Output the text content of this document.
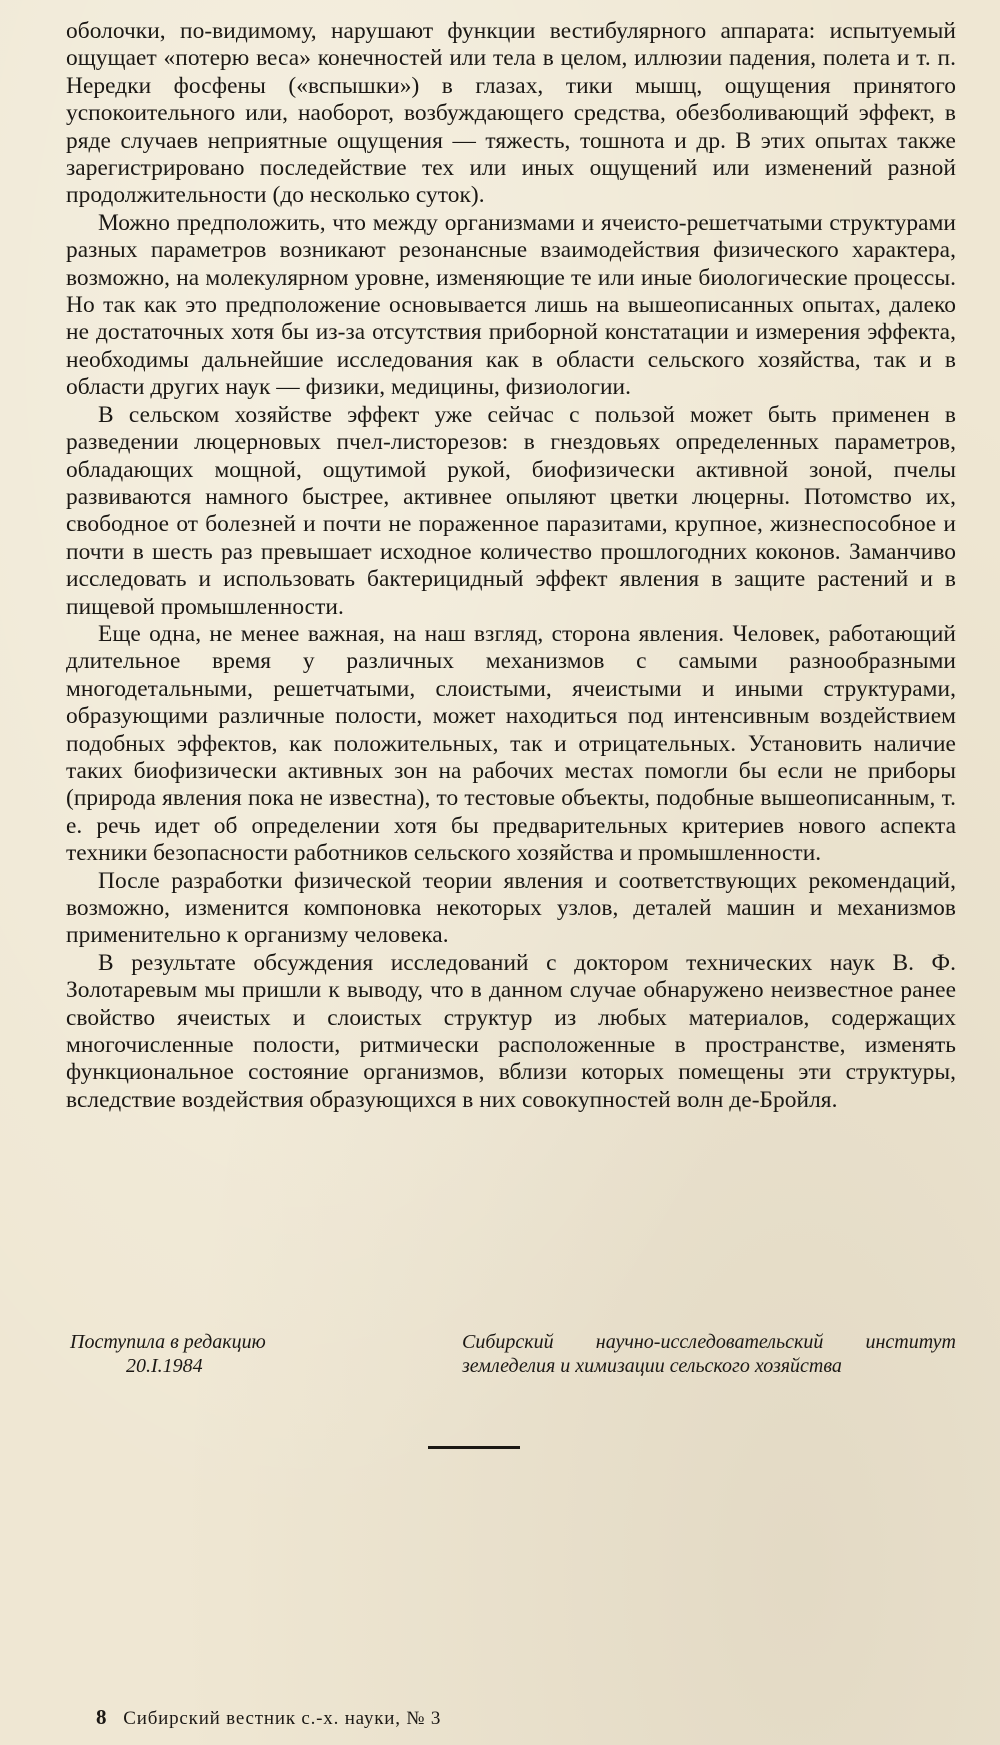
оболочки, по-видимому, нарушают функции вестибулярного аппарата: испытуемый ощущает «потерю веса» конечностей или тела в целом, иллюзии падения, полета и т. п. Нередки фосфены («вспышки») в глазах, тики мышц, ощущения принятого успокоительного или, наоборот, возбуждающего средства, обезболивающий эффект, в ряде случаев неприятные ощущения — тяжесть, тошнота и др. В этих опытах также зарегистрировано последействие тех или иных ощущений или изменений разной продолжительности (до несколько суток).

Можно предположить, что между организмами и ячеисто-решетчатыми структурами разных параметров возникают резонансные взаимодействия физического характера, возможно, на молекулярном уровне, изменяющие те или иные биологические процессы. Но так как это предположение основывается лишь на вышеописанных опытах, далеко не достаточных хотя бы из-за отсутствия приборной констатации и измерения эффекта, необходимы дальнейшие исследования как в области сельского хозяйства, так и в области других наук — физики, медицины, физиологии.

В сельском хозяйстве эффект уже сейчас с пользой может быть применен в разведении люцерновых пчел-листорезов: в гнездовьях определенных параметров, обладающих мощной, ощутимой рукой, биофизически активной зоной, пчелы развиваются намного быстрее, активнее опыляют цветки люцерны. Потомство их, свободное от болезней и почти не пораженное паразитами, крупное, жизнеспособное и почти в шесть раз превышает исходное количество прошлогодних коконов. Заманчиво исследовать и использовать бактерицидный эффект явления в защите растений и в пищевой промышленности.

Еще одна, не менее важная, на наш взгляд, сторона явления. Человек, работающий длительное время у различных механизмов с самыми разнообразными многодетальными, решетчатыми, слоистыми, ячеистыми и иными структурами, образующими различные полости, может находиться под интенсивным воздействием подобных эффектов, как положительных, так и отрицательных. Установить наличие таких биофизически активных зон на рабочих местах помогли бы если не приборы (природа явления пока не известна), то тестовые объекты, подобные вышеописанным, т. е. речь идет об определении хотя бы предварительных критериев нового аспекта техники безопасности работников сельского хозяйства и промышленности.

После разработки физической теории явления и соответствующих рекомендаций, возможно, изменится компоновка некоторых узлов, деталей машин и механизмов применительно к организму человека.

В результате обсуждения исследований с доктором технических наук В. Ф. Золотаревым мы пришли к выводу, что в данном случае обнаружено неизвестное ранее свойство ячеистых и слоистых структур из любых материалов, содержащих многочисленные полости, ритмически расположенные в пространстве, изменять функциональное состояние организмов, вблизи которых помещены эти структуры, вследствие воздействия образующихся в них совокупностей волн де-Бройля.

Поступила в редакцию
20.I.1984
Сибирский научно-исследовательский институт земледелия и химизации сельского хозяйства
8 Сибирский вестник с.-х. науки, № 3
